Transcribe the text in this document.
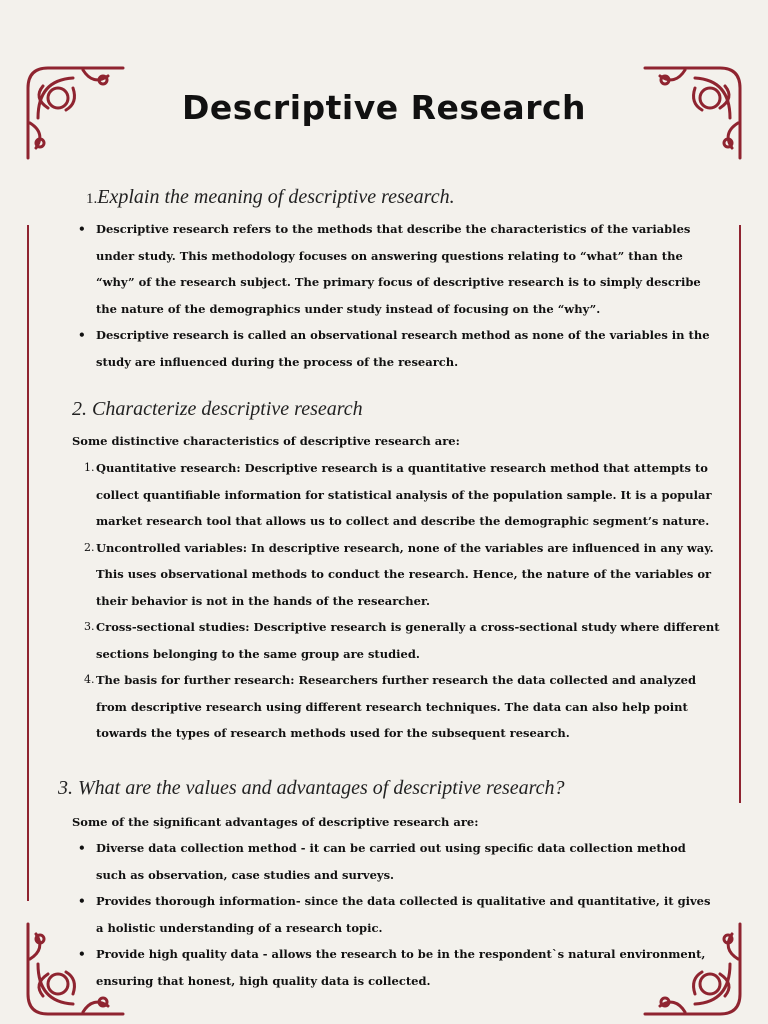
Descriptive Research
1.Explain the meaning of descriptive research.
• Descriptive research refers to the methods that describe the characteristics of the variables under study. This methodology focuses on answering questions relating to “what” than the “why” of the research subject. The primary focus of descriptive research is to simply describe the nature of the demographics under study instead of focusing on the “why”.
• Descriptive research is called an observational research method as none of the variables in the study are influenced during the process of the research.
2. Characterize descriptive research
Some distinctive characteristics of descriptive research are:
1. Quantitative research: Descriptive research is a quantitative research method that attempts to collect quantifiable information for statistical analysis of the population sample. It is a popular market research tool that allows us to collect and describe the demographic segment’s nature.
2. Uncontrolled variables: In descriptive research, none of the variables are influenced in any way. This uses observational methods to conduct the research. Hence, the nature of the variables or their behavior is not in the hands of the researcher.
3. Cross-sectional studies: Descriptive research is generally a cross-sectional study where different sections belonging to the same group are studied.
4. The basis for further research: Researchers further research the data collected and analyzed from descriptive research using different research techniques. The data can also help point towards the types of research methods used for the subsequent research.
3. What are the values and advantages of descriptive research?
Some of the significant advantages of descriptive research are:
• Diverse data collection method - it can be carried out using specific data collection method such as observation, case studies and surveys.
• Provides thorough information- since the data collected is qualitative and quantitative, it gives a holistic understanding of a research topic.
• Provide high quality data - allows the research to be in the respondent`s natural environment, ensuring that honest, high quality data is collected.
